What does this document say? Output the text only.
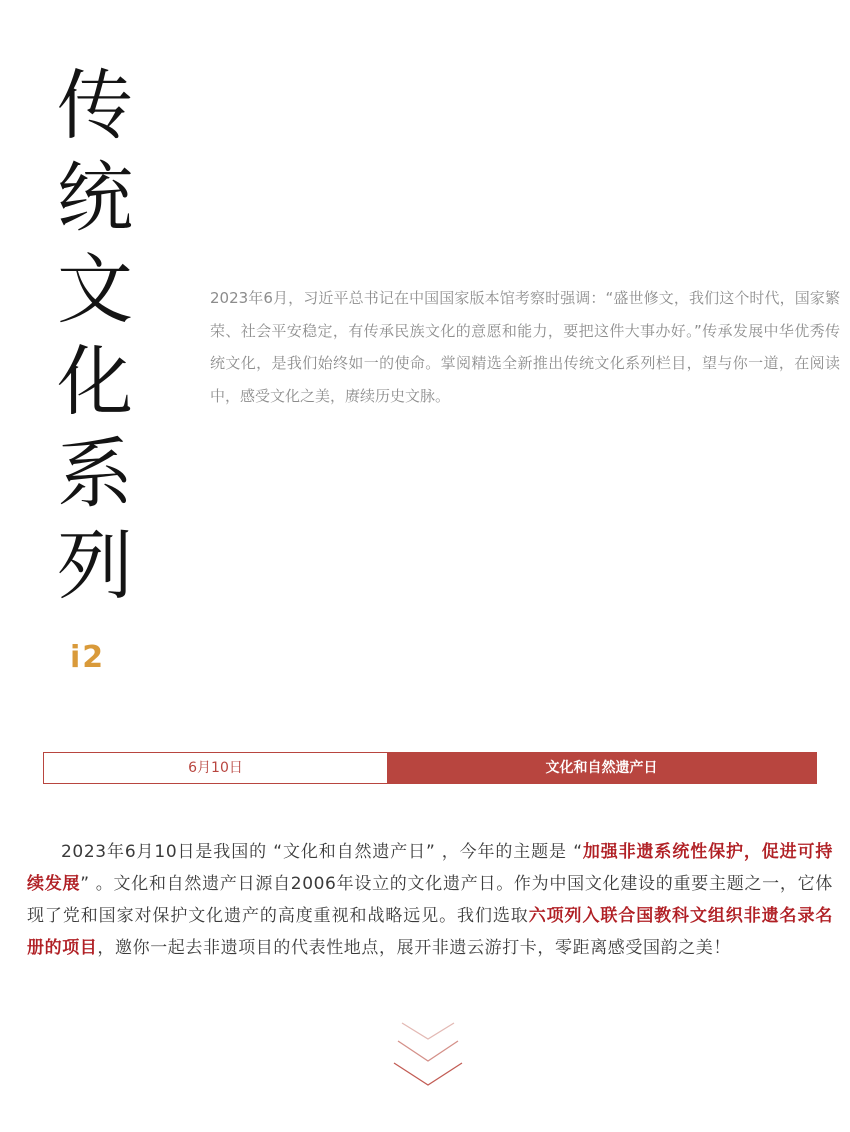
传
统
文
化
系
列
i2
2023年6月，习近平总书记在中国国家版本馆考察时强调：“盛世修文，我们这个时代，国家繁荣、社会平安稳定，有传承民族文化的意愿和能力，要把这件大事办好。”传承发展中华优秀传统文化，是我们始终如一的使命。掌阅精选全新推出传统文化系列栏目，望与你一道，在阅读中，感受文化之美，赓续历史文脉。
6月10日	文化和自然遗产日
2023年6月10日是我国的 “文化和自然遗产日” ，今年的主题是 “加强非遗系统性保护，促进可持续发展” 。文化和自然遗产日源自2006年设立的文化遗产日。作为中国文化建设的重要主题之一，它体现了党和国家对保护文化遗产的高度重视和战略远见。我们选取六项列入联合国教科文组织非遗名录名册的项目，邀你一起去非遗项目的代表性地点，展开非遗云游打卡，零距离感受国韵之美！
